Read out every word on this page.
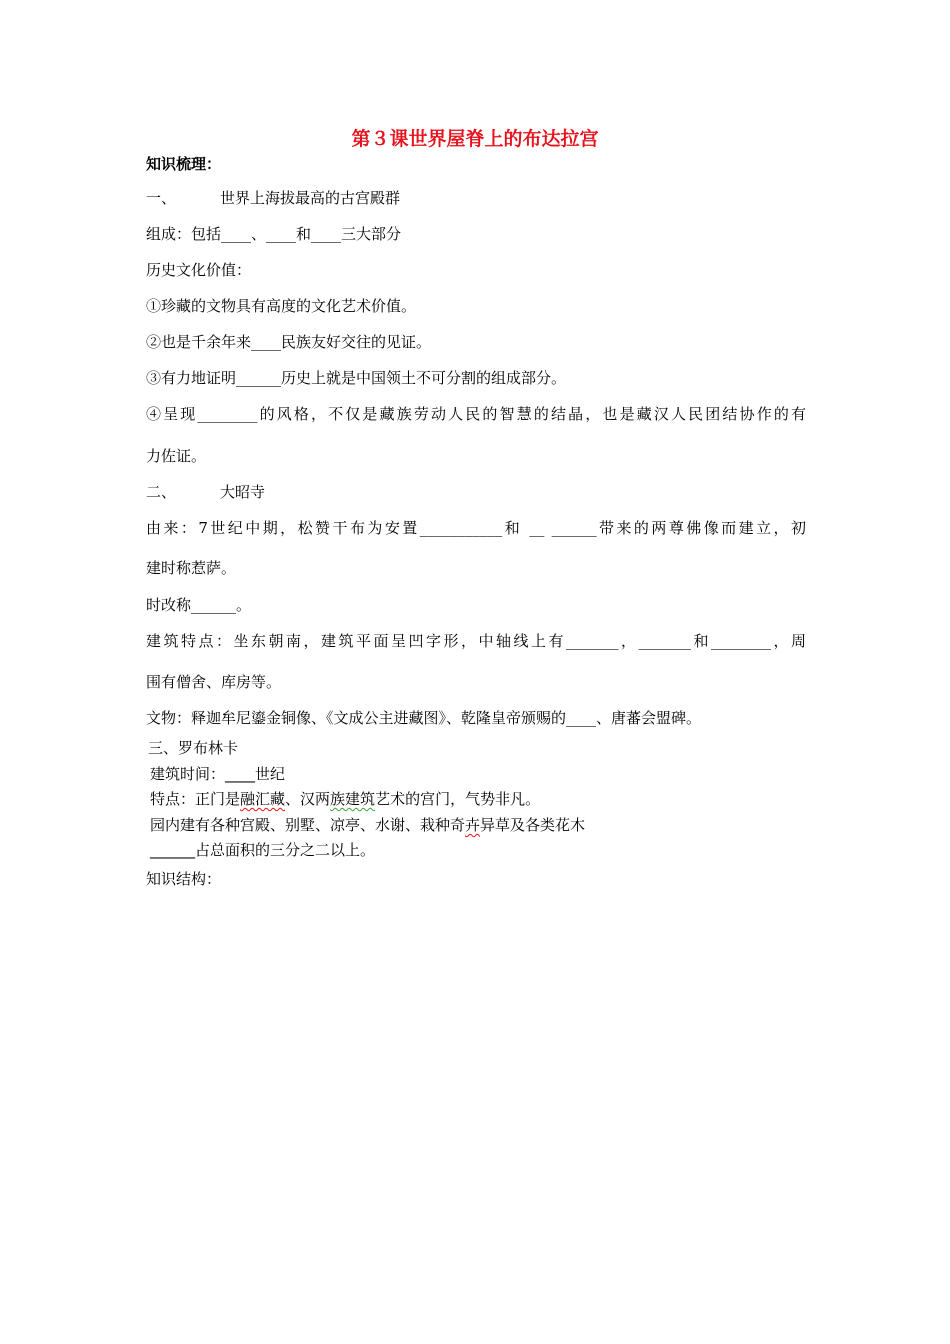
第３课世界屋脊上的布达拉宫
知识梳理：
一、	世界上海拔最高的古宫殿群
组成：包括____、____和____三大部分
历史文化价值：
①珍藏的文物具有高度的文化艺术价值。
②也是千余年来____民族友好交往的见证。
③有力地证明______历史上就是中国领土不可分割的组成部分。
④呈现________的风格，不仅是藏族劳动人民的智慧的结晶，也是藏汉人民团结协作的有
力佐证。
二、	大昭寺
由来：7世纪中期，松赞干布为安置___________和 __ ______带来的两尊佛像而建立，初
建时称惹萨。
时改称______。
建筑特点：坐东朝南，建筑平面呈凹字形，中轴线上有_______，_______和________，周
围有僧舍、库房等。
文物：释迦牟尼鎏金铜像、《文成公主进藏图》、乾隆皇帝颁赐的____、唐蕃会盟碑。
三、罗布林卡
建筑时间：____世纪
特点：正门是融汇藏、汉两族建筑艺术的宫门，气势非凡。
园内建有各种宫殿、别墅、凉亭、水谢、栽种奇卉异草及各类花木
______占总面积的三分之二以上。
知识结构：
